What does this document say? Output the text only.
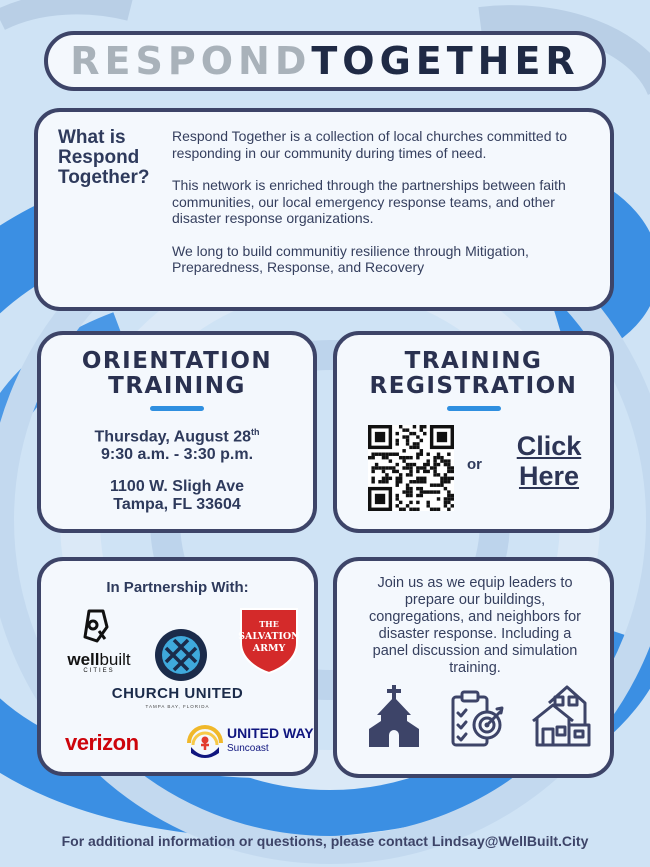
RESPOND TOGETHER
What is Respond Together?

Respond Together is a collection of local churches committed to responding in our community during times of need.

This network is enriched through the partnerships between faith communities, our local emergency response teams, and other disaster response organizations.

We long to build communitiy resilience through Mitigation, Preparedness, Response, and Recovery

ORIENTATION
TRAINING
Thursday, August 28th
9:30 a.m. - 3:30 p.m.
1100 W. Sligh Ave
Tampa, FL 33604
TRAINING
REGISTRATION
or
Click
Here
In Partnership With:
wellbuilt
CITIES
THE
SALVATION
ARMY
CHURCH UNITED
TAMPA BAY, FLORIDA
verizon	UNITED WAY
Suncoast
Join us as we equip leaders to prepare our buildings, congregations, and neighbors for disaster response. Including a panel discussion and simulation training.
For additional information or questions, please contact Lindsay@WellBuilt.City
